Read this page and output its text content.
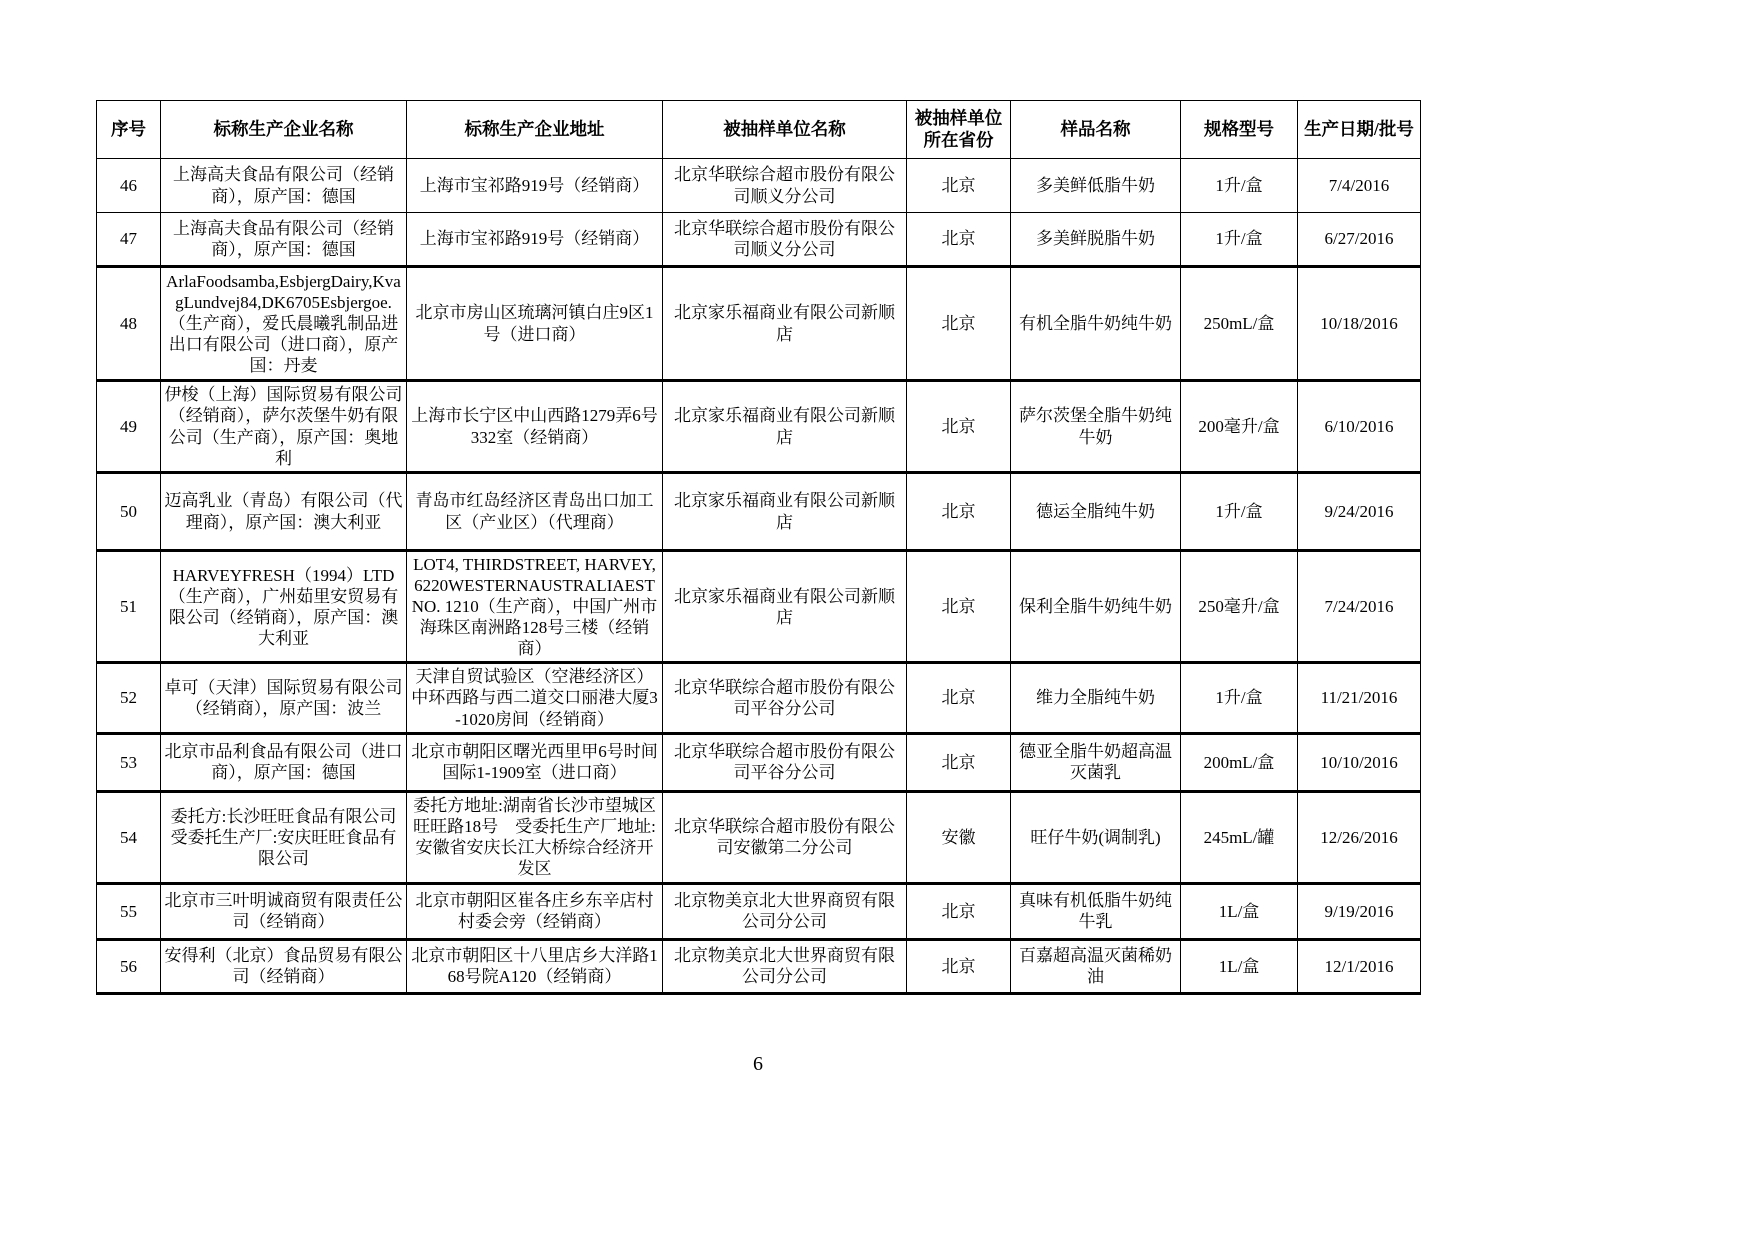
序号	标称生产企业名称	标称生产企业地址	被抽样单位名称	被抽样单位所在省份	样品名称	规格型号	生产日期/批号
46	上海高夫食品有限公司（经销商），原产国：德国	上海市宝祁路919号（经销商）	北京华联综合超市股份有限公司顺义分公司	北京	多美鲜低脂牛奶	1升/盒	7/4/2016
47	上海高夫食品有限公司（经销商），原产国：德国	上海市宝祁路919号（经销商）	北京华联综合超市股份有限公司顺义分公司	北京	多美鲜脱脂牛奶	1升/盒	6/27/2016
48	ArlaFoodsamba,EsbjergDairy,KvagLundvej84,DK6705Esbjergoe.（生产商），爱氏晨曦乳制品进出口有限公司（进口商），原产国：丹麦	北京市房山区琉璃河镇白庄9区1号（进口商）	北京家乐福商业有限公司新顺店	北京	有机全脂牛奶纯牛奶	250mL/盒	10/18/2016
49	伊梭（上海）国际贸易有限公司（经销商），萨尔茨堡牛奶有限公司（生产商），原产国：奥地利	上海市长宁区中山西路1279弄6号332室（经销商）	北京家乐福商业有限公司新顺店	北京	萨尔茨堡全脂牛奶纯牛奶	200毫升/盒	6/10/2016
50	迈高乳业（青岛）有限公司（代理商），原产国：澳大利亚	青岛市红岛经济区青岛出口加工区（产业区）（代理商）	北京家乐福商业有限公司新顺店	北京	德运全脂纯牛奶	1升/盒	9/24/2016
51	HARVEYFRESH（1994）LTD（生产商），广州茹里安贸易有限公司（经销商），原产国：澳大利亚	LOT4, THIRDSTREET, HARVEY, 6220WESTERNAUSTRALIAESTNO. 1210（生产商），中国广州市海珠区南洲路128号三楼（经销商）	北京家乐福商业有限公司新顺店	北京	保利全脂牛奶纯牛奶	250毫升/盒	7/24/2016
52	卓可（天津）国际贸易有限公司（经销商），原产国：波兰	天津自贸试验区（空港经济区）中环西路与西二道交口丽港大厦3-1020房间（经销商）	北京华联综合超市股份有限公司平谷分公司	北京	维力全脂纯牛奶	1升/盒	11/21/2016
53	北京市品利食品有限公司（进口商），原产国：德国	北京市朝阳区曙光西里甲6号时间国际1-1909室（进口商）	北京华联综合超市股份有限公司平谷分公司	北京	德亚全脂牛奶超高温灭菌乳	200mL/盒	10/10/2016
54	委托方:长沙旺旺食品有限公司受委托生产厂:安庆旺旺食品有限公司	委托方地址:湖南省长沙市望城区旺旺路18号　受委托生产厂地址:安徽省安庆长江大桥综合经济开发区	北京华联综合超市股份有限公司安徽第二分公司	安徽	旺仔牛奶(调制乳)	245mL/罐	12/26/2016
55	北京市三叶明诚商贸有限责任公司（经销商）	北京市朝阳区崔各庄乡东辛店村村委会旁（经销商）	北京物美京北大世界商贸有限公司分公司	北京	真味有机低脂牛奶纯牛乳	1L/盒	9/19/2016
56	安得利（北京）食品贸易有限公司（经销商）	北京市朝阳区十八里店乡大洋路168号院A120（经销商）	北京物美京北大世界商贸有限公司分公司	北京	百嘉超高温灭菌稀奶油	1L/盒	12/1/2016
6
